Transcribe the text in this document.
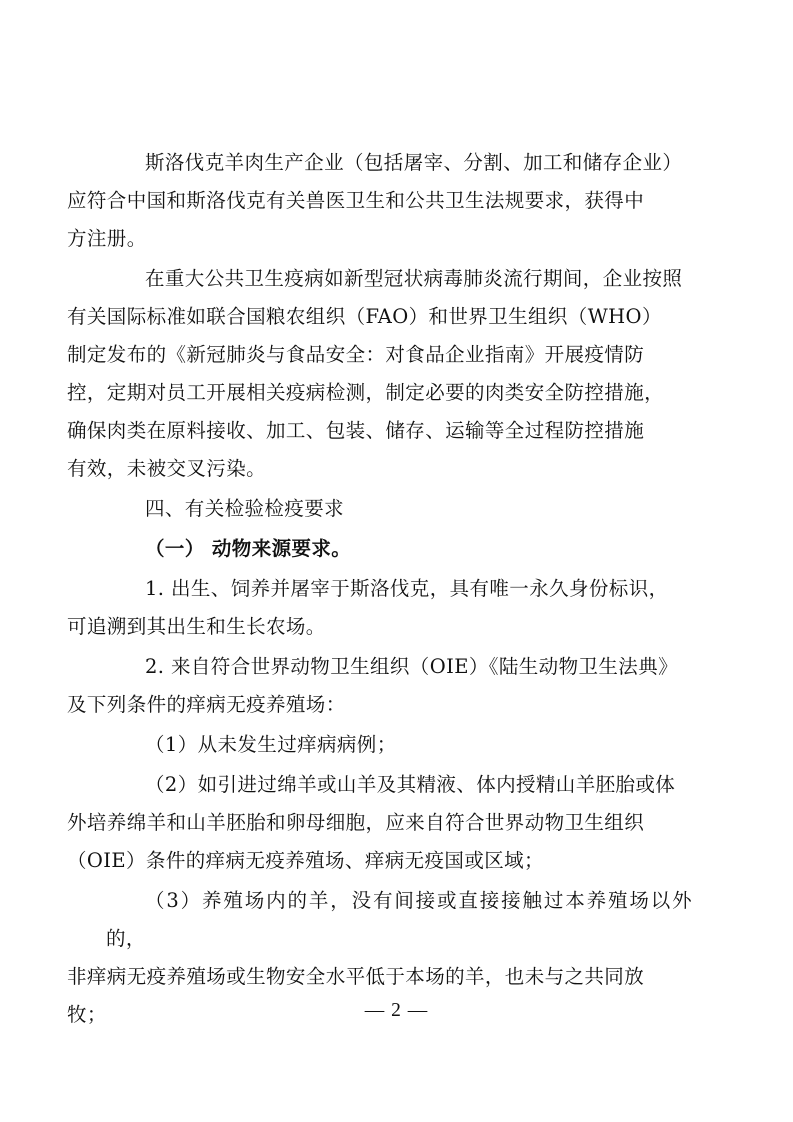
斯洛伐克羊肉生产企业（包括屠宰、分割、加工和储存企业）
应符合中国和斯洛伐克有关兽医卫生和公共卫生法规要求，获得中
方注册。

在重大公共卫生疫病如新型冠状病毒肺炎流行期间，企业按照
有关国际标准如联合国粮农组织（FAO）和世界卫生组织（WHO）
制定发布的《新冠肺炎与食品安全：对食品企业指南》开展疫情防
控，定期对员工开展相关疫病检测，制定必要的肉类安全防控措施，
确保肉类在原料接收、加工、包装、储存、运输等全过程防控措施
有效，未被交叉污染。

四、有关检验检疫要求

（一） 动物来源要求。

1. 出生、饲养并屠宰于斯洛伐克，具有唯一永久身份标识，
可追溯到其出生和生长农场。

2. 来自符合世界动物卫生组织（OIE）《陆生动物卫生法典》
及下列条件的痒病无疫养殖场：

（1）从未发生过痒病病例；

（2）如引进过绵羊或山羊及其精液、体内授精山羊胚胎或体
外培养绵羊和山羊胚胎和卵母细胞，应来自符合世界动物卫生组织
（OIE）条件的痒病无疫养殖场、痒病无疫国或区域；

（3）养殖场内的羊，没有间接或直接接触过本养殖场以外的，
非痒病无疫养殖场或生物安全水平低于本场的羊，也未与之共同放
牧；	— 2 —
